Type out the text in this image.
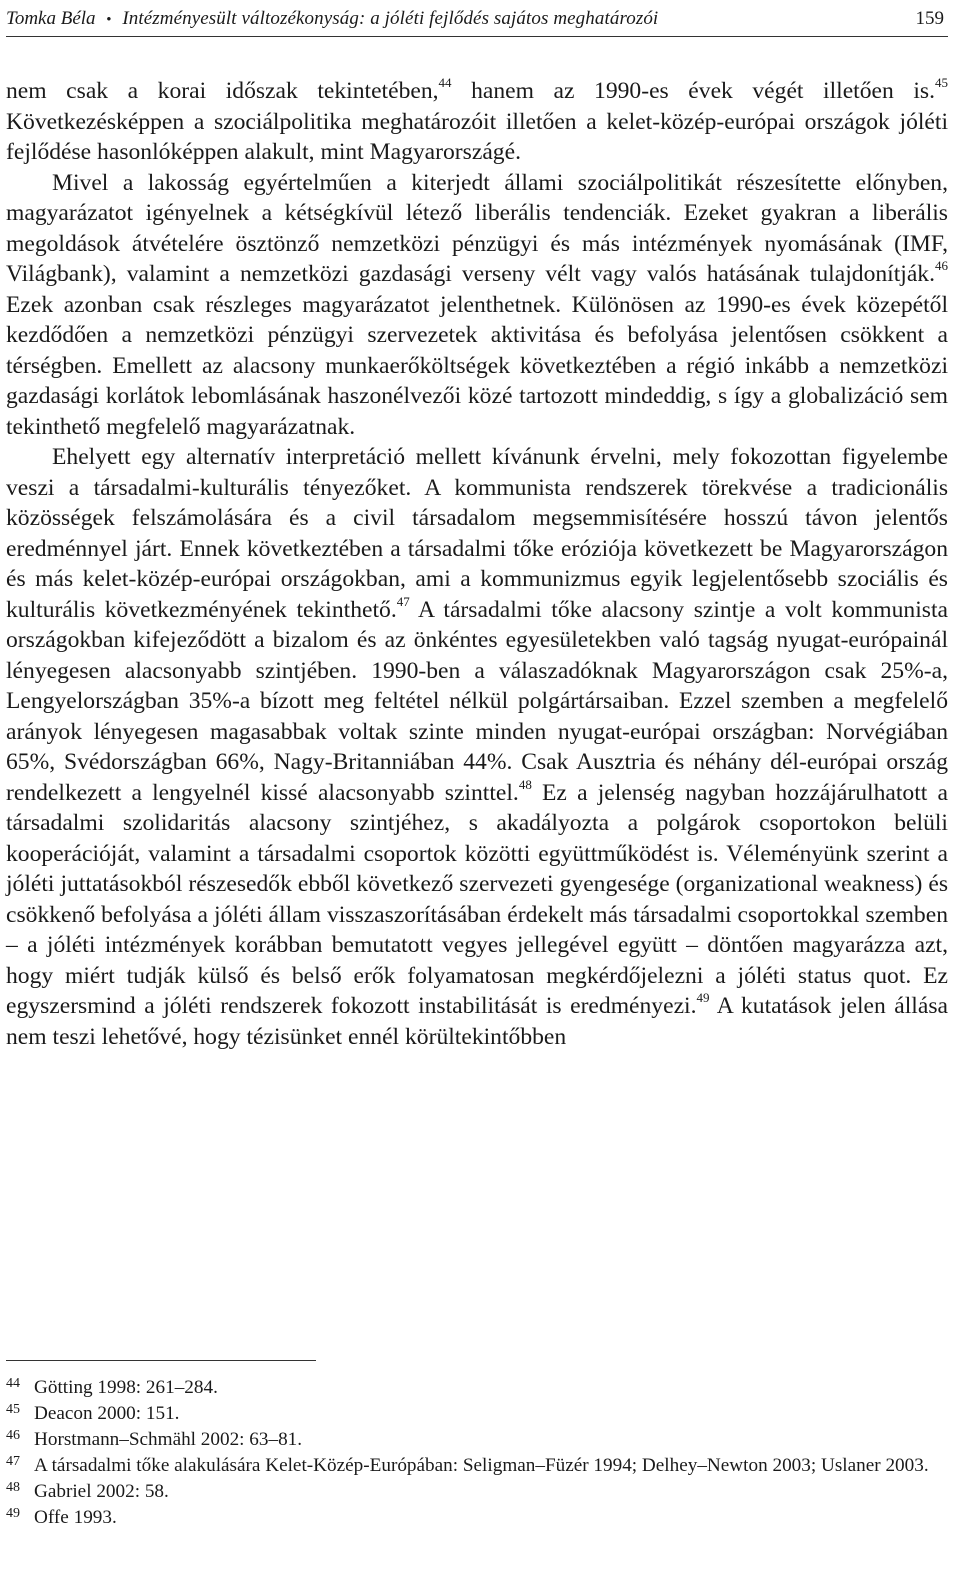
Tomka Béla • Intézményesült változékonyság: a jóléti fejlődés sajátos meghatározói	159

nem csak a korai időszak tekintetében,$^{44}$ hanem az 1990-es évek végét illetően is.$^{45}$ Következésképpen a szociálpolitika meghatározóit illetően a kelet-közép-európai országok jóléti fejlődése hasonlóképpen alakult, mint Magyarországé.

Mivel a lakosság egyértelműen a kiterjedt állami szociálpolitikát részesítette előnyben, magyarázatot igényelnek a kétségkívül létező liberális tendenciák. Ezeket gyakran a liberális megoldások átvételére ösztönző nemzetközi pénzügyi és más intézmények nyomásának (IMF, Világbank), valamint a nemzetközi gazdasági verseny vélt vagy valós hatásának tulajdonítják.$^{46}$ Ezek azonban csak részleges magyarázatot jelenthetnek. Különösen az 1990-es évek közepétől kezdődően a nemzetközi pénzügyi szervezetek aktivitása és befolyása jelentősen csökkent a térségben. Emellett az alacsony munkaerőköltségek következtében a régió inkább a nemzetközi gazdasági korlátok lebomlásának haszonélvezői közé tartozott mindeddig, s így a globalizáció sem tekinthető megfelelő magyarázatnak.

Ehelyett egy alternatív interpretáció mellett kívánunk érvelni, mely fokozottan figyelembe veszi a társadalmi-kulturális tényezőket. A kommunista rendszerek törekvése a tradicionális közösségek felszámolására és a civil társadalom megsemmisítésére hosszú távon jelentős eredménnyel járt. Ennek következtében a társadalmi tőke eróziója következett be Magyarországon és más kelet-közép-európai országokban, ami a kommunizmus egyik legjelentősebb szociális és kulturális következményének tekinthető.$^{47}$ A társadalmi tőke alacsony szintje a volt kommunista országokban kifejeződött a bizalom és az önkéntes egyesületekben való tagság nyugat-európainál lényegesen alacsonyabb szintjében. 1990-ben a válaszadóknak Magyarországon csak 25%-a, Lengyelországban 35%-a bízott meg feltétel nélkül polgártársaiban. Ezzel szemben a megfelelő arányok lényegesen magasabbak voltak szinte minden nyugat-európai országban: Norvégiában 65%, Svédországban 66%, Nagy-Britanniában 44%. Csak Ausztria és néhány dél-európai ország rendelkezett a lengyelnél kissé alacsonyabb szinttel.$^{48}$ Ez a jelenség nagyban hozzájárulhatott a társadalmi szolidaritás alacsony szintjéhez, s akadályozta a polgárok csoportokon belüli kooperációját, valamint a társadalmi csoportok közötti együttműködést is. Véleményünk szerint a jóléti juttatásokból részesedők ebből következő szervezeti gyengesége (organizational weakness) és csökkenő befolyása a jóléti állam visszaszorításában érdekelt más társadalmi csoportokkal szemben – a jóléti intézmények korábban bemutatott vegyes jellegével együtt – döntően magyarázza azt, hogy miért tudják külső és belső erők folyamatosan megkérdőjelezni a jóléti status quot. Ez egyszersmind a jóléti rendszerek fokozott instabilitását is eredményezi.$^{49}$ A kutatások jelen állása nem teszi lehetővé, hogy tézisünket ennél körültekintőbben

44 Götting 1998: 261–284.
45 Deacon 2000: 151.
46 Horstmann–Schmähl 2002: 63–81.
47 A társadalmi tőke alakulására Kelet-Közép-Európában: Seligman–Füzér 1994; Delhey–Newton 2003; Uslaner 2003.
48 Gabriel 2002: 58.
49 Offe 1993.
